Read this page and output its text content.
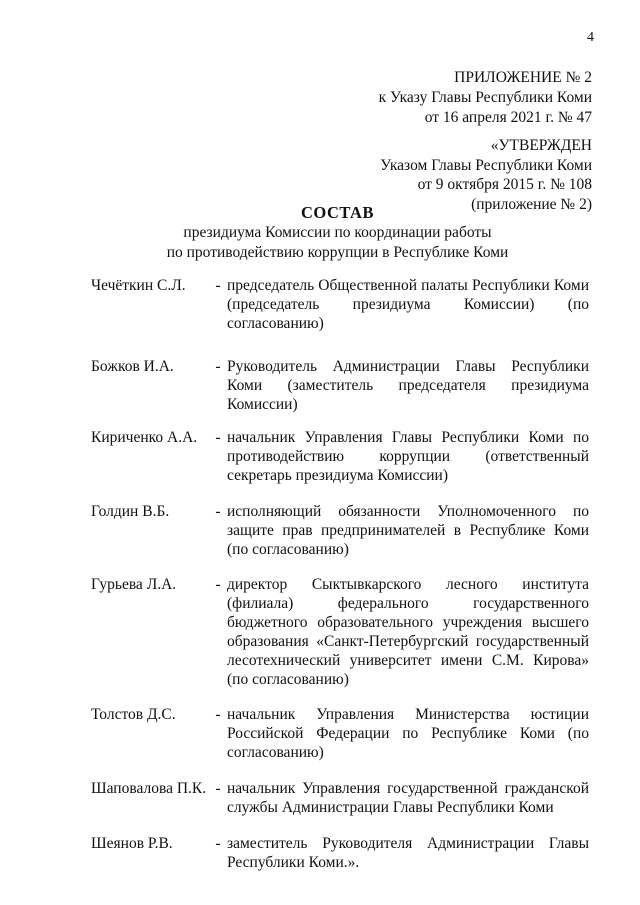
4
ПРИЛОЖЕНИЕ № 2
к Указу Главы Республики Коми
от 16 апреля 2021 г. № 47
«УТВЕРЖДЕН
Указом Главы Республики Коми
от 9 октября 2015 г. № 108
(приложение № 2)
СОСТАВ
президиума Комиссии по координации работы
по противодействию коррупции в Республике Коми
Чечёткин С.Л.	- председатель Общественной палаты Республики Коми (председатель президиума Комиссии) (по согласованию)
Божков И.А.	- Руководитель Администрации Главы Республики Коми (заместитель председателя президиума Комиссии)
Кириченко А.А.	- начальник Управления Главы Республики Коми по противодействию коррупции (ответственный секретарь президиума Комиссии)
Голдин В.Б.	- исполняющий обязанности Уполномоченного по защите прав предпринимателей в Республике Коми (по согласованию)
Гурьева Л.А.	- директор Сыктывкарского лесного института (филиала) федерального государственного бюджетного образовательного учреждения высшего образования «Санкт-Петербургский государственный лесотехнический университет имени С.М. Кирова» (по согласованию)
Толстов Д.С.	- начальник Управления Министерства юстиции Российской Федерации по Республике Коми (по согласованию)
Шаповалова П.К. - начальник Управления государственной гражданской службы Администрации Главы Республики Коми
Шеянов Р.В.	- заместитель Руководителя Администрации Главы Республики Коми.».
